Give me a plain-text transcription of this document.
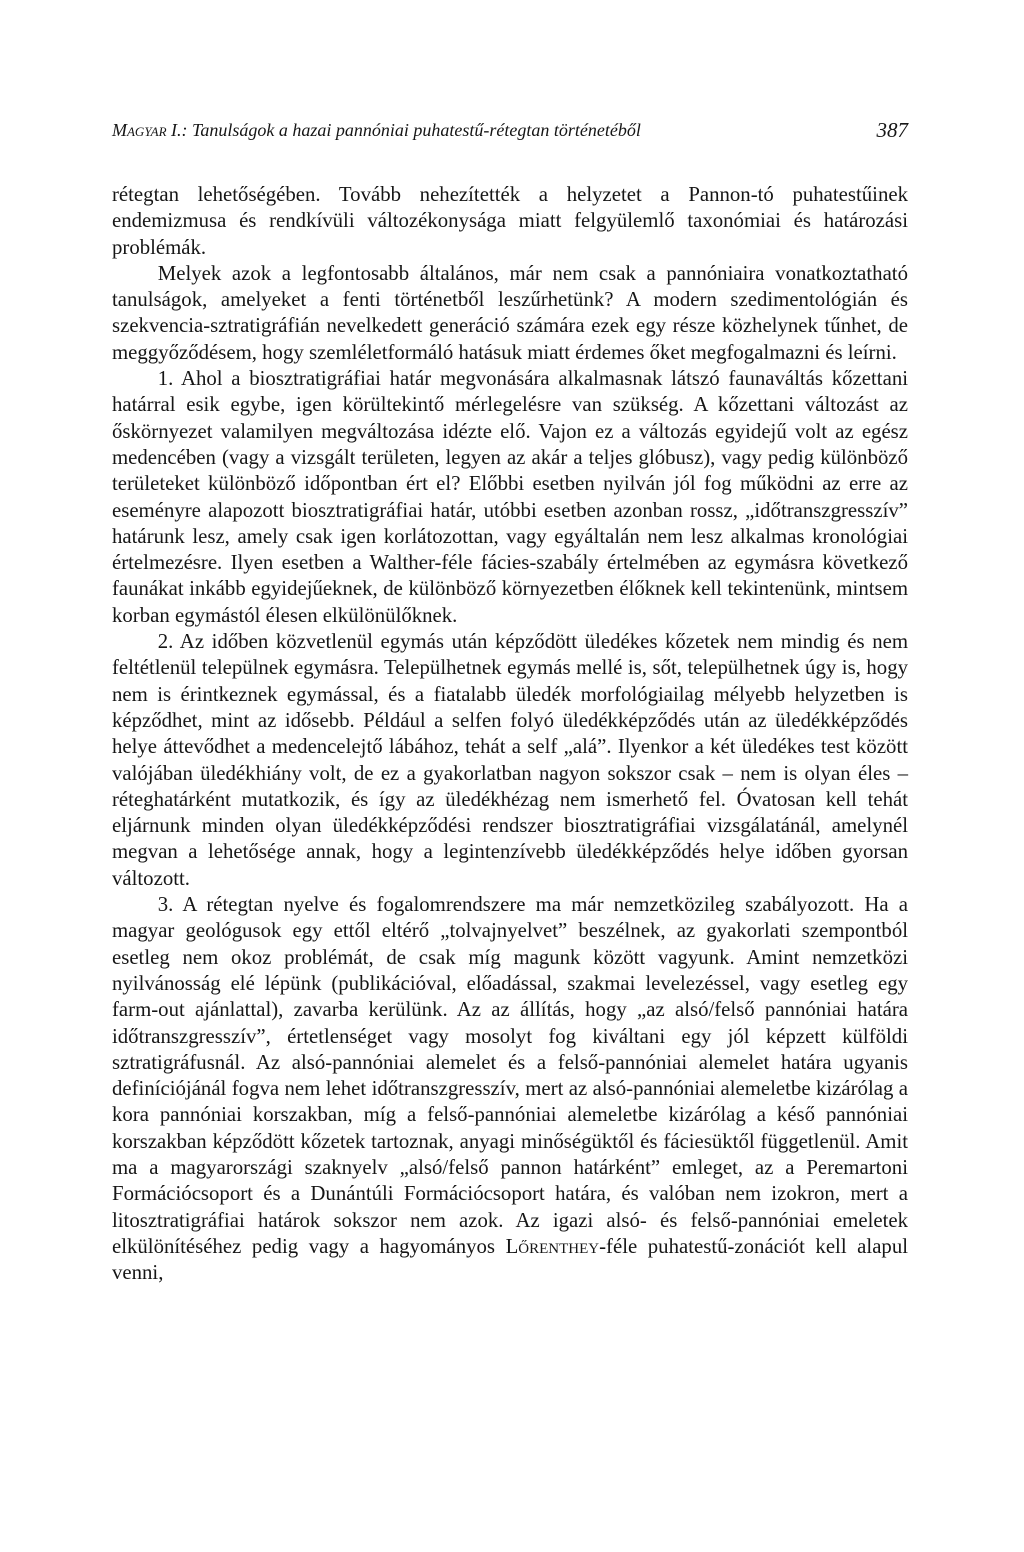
Magyar I.: Tanulságok a hazai pannóniai puhatestű-rétegtan történetéből	387

rétegtan lehetőségében. Tovább nehezítették a helyzetet a Pannon-tó puhatestűinek endemizmusa és rendkívüli változékonysága miatt felgyülemlő taxonómiai és határozási problémák.

Melyek azok a legfontosabb általános, már nem csak a pannóniaira vonatkoztatható tanulságok, amelyeket a fenti történetből leszűrhetünk? A modern szedimentológián és szekvencia-sztratigráfián nevelkedett generáció számára ezek egy része közhelynek tűnhet, de meggyőződésem, hogy szemléletformáló hatásuk miatt érdemes őket megfogalmazni és leírni.

1. Ahol a biosztratigráfiai határ megvonására alkalmasnak látszó faunaváltás kőzettani határral esik egybe, igen körültekintő mérlegelésre van szükség. A kőzettani változást az őskörnyezet valamilyen megváltozása idézte elő. Vajon ez a változás egyidejű volt az egész medencében (vagy a vizsgált területen, legyen az akár a teljes glóbusz), vagy pedig különböző területeket különböző időpontban ért el? Előbbi esetben nyilván jól fog működni az erre az eseményre alapozott biosztratigráfiai határ, utóbbi esetben azonban rossz, „időtranszgresszív” határunk lesz, amely csak igen korlátozottan, vagy egyáltalán nem lesz alkalmas kronológiai értelmezésre. Ilyen esetben a Walther-féle fácies-szabály értelmében az egymásra következő faunákat inkább egyidejűeknek, de különböző környezetben élőknek kell tekintenünk, mintsem korban egymástól élesen elkülönülőknek.

2. Az időben közvetlenül egymás után képződött üledékes kőzetek nem mindig és nem feltétlenül települnek egymásra. Települhetnek egymás mellé is, sőt, települhetnek úgy is, hogy nem is érintkeznek egymással, és a fiatalabb üledék morfológiailag mélyebb helyzetben is képződhet, mint az idősebb. Például a selfen folyó üledékképződés után az üledékképződés helye áttevődhet a medencelejtő lábához, tehát a self „alá”. Ilyenkor a két üledékes test között valójában üledékhiány volt, de ez a gyakorlatban nagyon sokszor csak – nem is olyan éles – réteghatárként mutatkozik, és így az üledékhézag nem ismerhető fel. Óvatosan kell tehát eljárnunk minden olyan üledékképződési rendszer biosztratigráfiai vizsgálatánál, amelynél megvan a lehetősége annak, hogy a legintenzívebb üledékképződés helye időben gyorsan változott.

3. A rétegtan nyelve és fogalomrendszere ma már nemzetközileg szabályozott. Ha a magyar geológusok egy ettől eltérő „tolvajnyelvet” beszélnek, az gyakorlati szempontból esetleg nem okoz problémát, de csak míg magunk között vagyunk. Amint nemzetközi nyilvánosság elé lépünk (publikációval, előadással, szakmai levelezéssel, vagy esetleg egy farm-out ajánlattal), zavarba kerülünk. Az az állítás, hogy „az alsó/felső pannóniai határa időtranszgresszív”, értetlenséget vagy mosolyt fog kiváltani egy jól képzett külföldi sztratigráfusnál. Az alsó-pannóniai alemelet és a felső-pannóniai alemelet határa ugyanis definíciójánál fogva nem lehet időtranszgresszív, mert az alsó-pannóniai alemeletbe kizárólag a kora pannóniai korszakban, míg a felső-pannóniai alemeletbe kizárólag a késő pannóniai korszakban képződött kőzetek tartoznak, anyagi minőségüktől és fáciesüktől függetlenül. Amit ma a magyarországi szaknyelv „alsó/felső pannon határként” emleget, az a Peremartoni Formációcsoport és a Dunántúli Formációcsoport határa, és valóban nem izokron, mert a litosztratigráfiai határok sokszor nem azok. Az igazi alsó- és felső-pannóniai emeletek elkülönítéséhez pedig vagy a hagyományos Lőrenthey-féle puhatestű-zonációt kell alapul venni,
